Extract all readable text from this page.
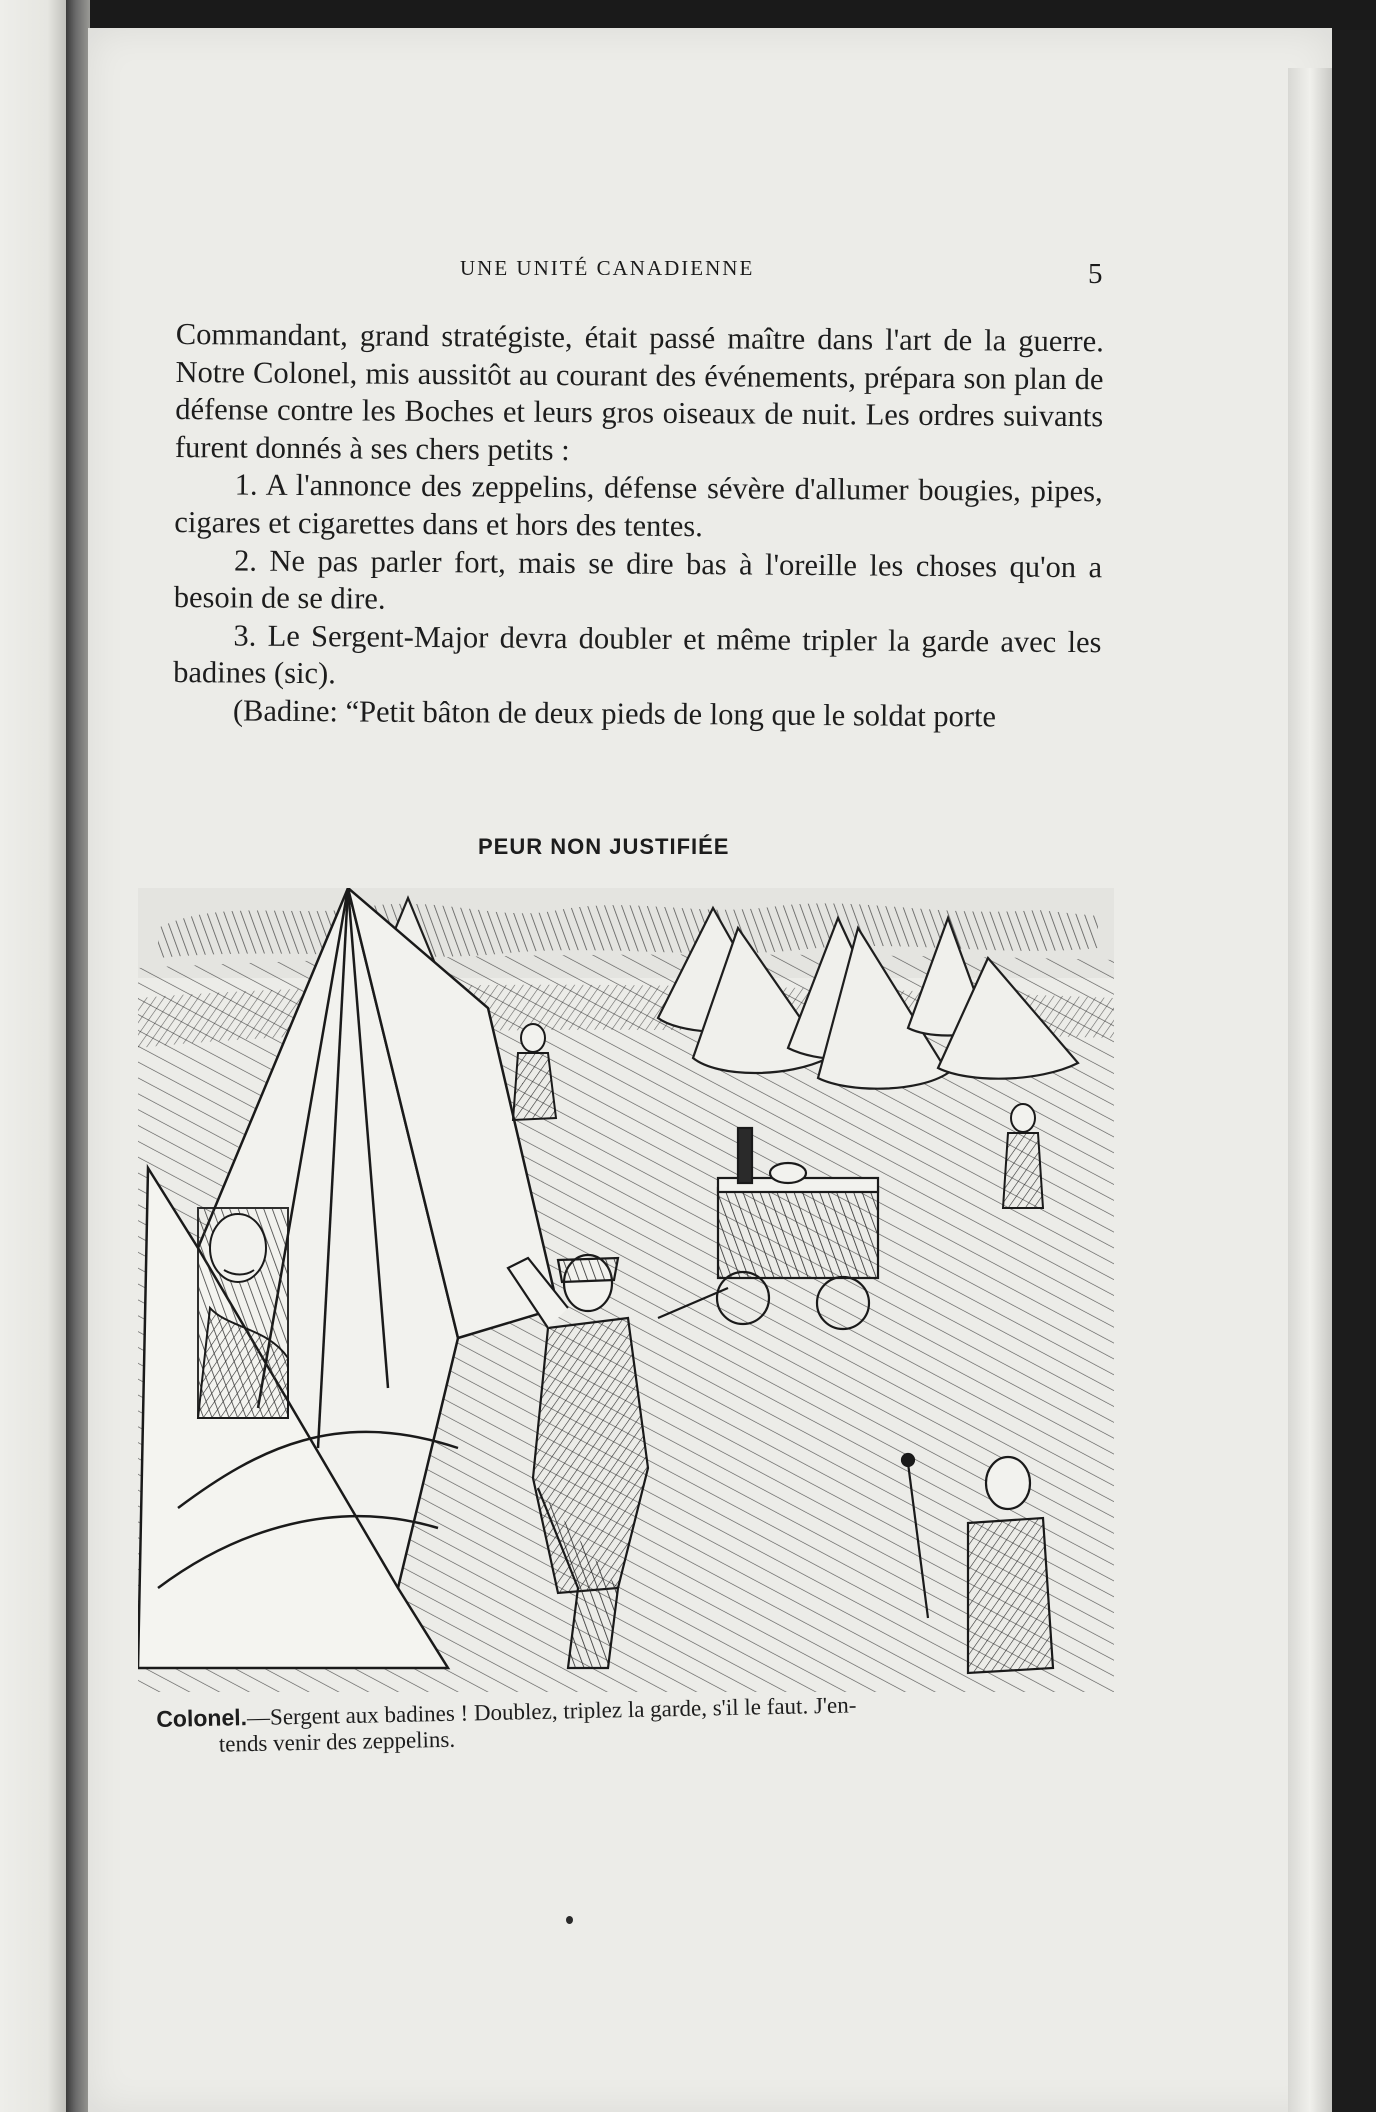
UNE UNITÉ CANADIENNE	5

Commandant, grand stratégiste, était passé maître dans l'art de la guerre. Notre Colonel, mis aussitôt au courant des événements, prépara son plan de défense contre les Boches et leurs gros oiseaux de nuit. Les ordres suivants furent donnés à ses chers petits :

1. A l'annonce des zeppelins, défense sévère d'allumer bougies, pipes, cigares et cigarettes dans et hors des tentes.

2. Ne pas parler fort, mais se dire bas à l'oreille les choses qu'on a besoin de se dire.

3. Le Sergent-Major devra doubler et même tripler la garde avec les badines (sic).

(Badine: “Petit bâton de deux pieds de long que le soldat porte

PEUR NON JUSTIFIÉE
Colonel.—Sergent aux badines ! Doublez, triplez la garde, s'il le faut. J'en-
tends venir des zeppelins.
